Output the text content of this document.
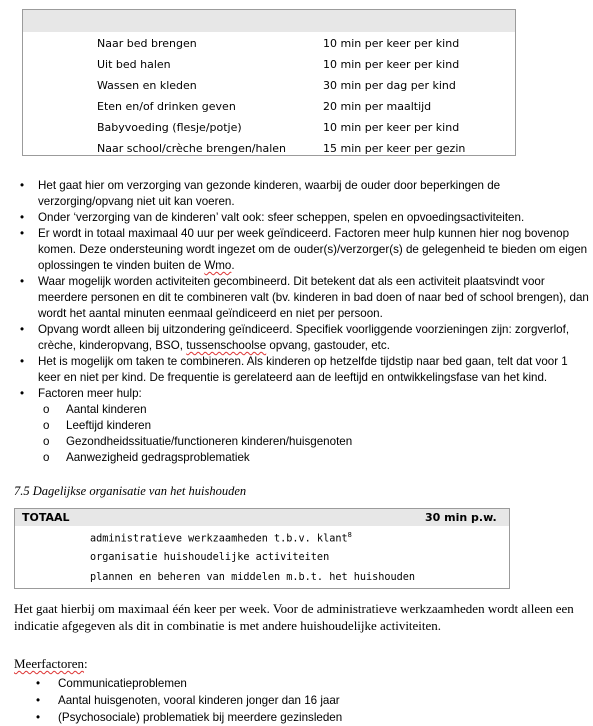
Naar bed brengen	10 min per keer per kind
Uit bed halen	10 min per keer per kind
Wassen en kleden	30 min per dag per kind
Eten en/of drinken geven	20 min per maaltijd
Babyvoeding (flesje/potje)	10 min per keer per kind
Naar school/crèche brengen/halen	15 min per keer per gezin
• Het gaat hier om verzorging van gezonde kinderen, waarbij de ouder door beperkingen de verzorging/opvang niet uit kan voeren.
• Onder ‘verzorging van de kinderen’ valt ook: sfeer scheppen, spelen en opvoedingsactiviteiten.
• Er wordt in totaal maximaal 40 uur per week geïndiceerd. Factoren meer hulp kunnen hier nog bovenop komen. Deze ondersteuning wordt ingezet om de ouder(s)/verzorger(s) de gelegenheid te bieden om eigen oplossingen te vinden buiten de Wmo.
• Waar mogelijk worden activiteiten gecombineerd. Dit betekent dat als een activiteit plaatsvindt voor meerdere personen en dit te combineren valt (bv. kinderen in bad doen of naar bed of school brengen), dan wordt het aantal minuten eenmaal geïndiceerd en niet per persoon.
• Opvang wordt alleen bij uitzondering geïndiceerd. Specifiek voorliggende voorzieningen zijn: zorgverlof, crèche, kinderopvang, BSO, tussenschoolse opvang, gastouder, etc.
• Het is mogelijk om taken te combineren. Als kinderen op hetzelfde tijdstip naar bed gaan, telt dat voor 1 keer en niet per kind. De frequentie is gerelateerd aan de leeftijd en ontwikkelingsfase van het kind.
• Factoren meer hulp:
o Aantal kinderen
o Leeftijd kinderen
o Gezondheidssituatie/functioneren kinderen/huisgenoten
o Aanwezigheid gedragsproblematiek
7.5 Dagelijkse organisatie van het huishouden
TOTAAL	30 min p.w.
administratieve werkzaamheden t.b.v. klant$^8$
organisatie huishoudelijke activiteiten
plannen en beheren van middelen m.b.t. het huishouden
Het gaat hierbij om maximaal één keer per week. Voor de administratieve werkzaamheden wordt alleen een indicatie afgegeven als dit in combinatie is met andere huishoudelijke activiteiten.
Meerfactoren:
• Communicatieproblemen
• Aantal huisgenoten, vooral kinderen jonger dan 16 jaar
• (Psychosociale) problematiek bij meerdere gezinsleden
